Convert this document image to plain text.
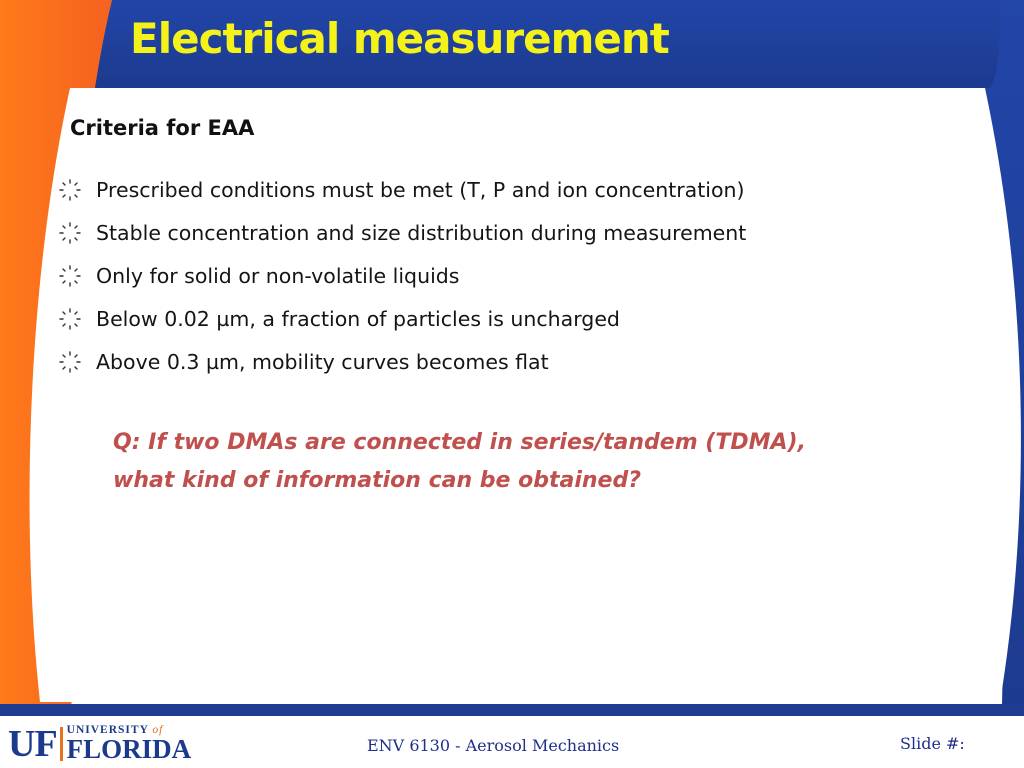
Electrical measurement
Criteria for EAA
Prescribed conditions must be met (T, P and ion concentration)
Stable concentration and size distribution during measurement
Only for solid or non-volatile liquids
Below 0.02 µm, a fraction of particles is uncharged
Above 0.3 µm, mobility curves becomes flat
Q: If two DMAs are connected in series/tandem (TDMA),
what kind of information can be obtained?
UF UNIVERSITY of
FLORIDA	ENV 6130 - Aerosol Mechanics	Slide #:
